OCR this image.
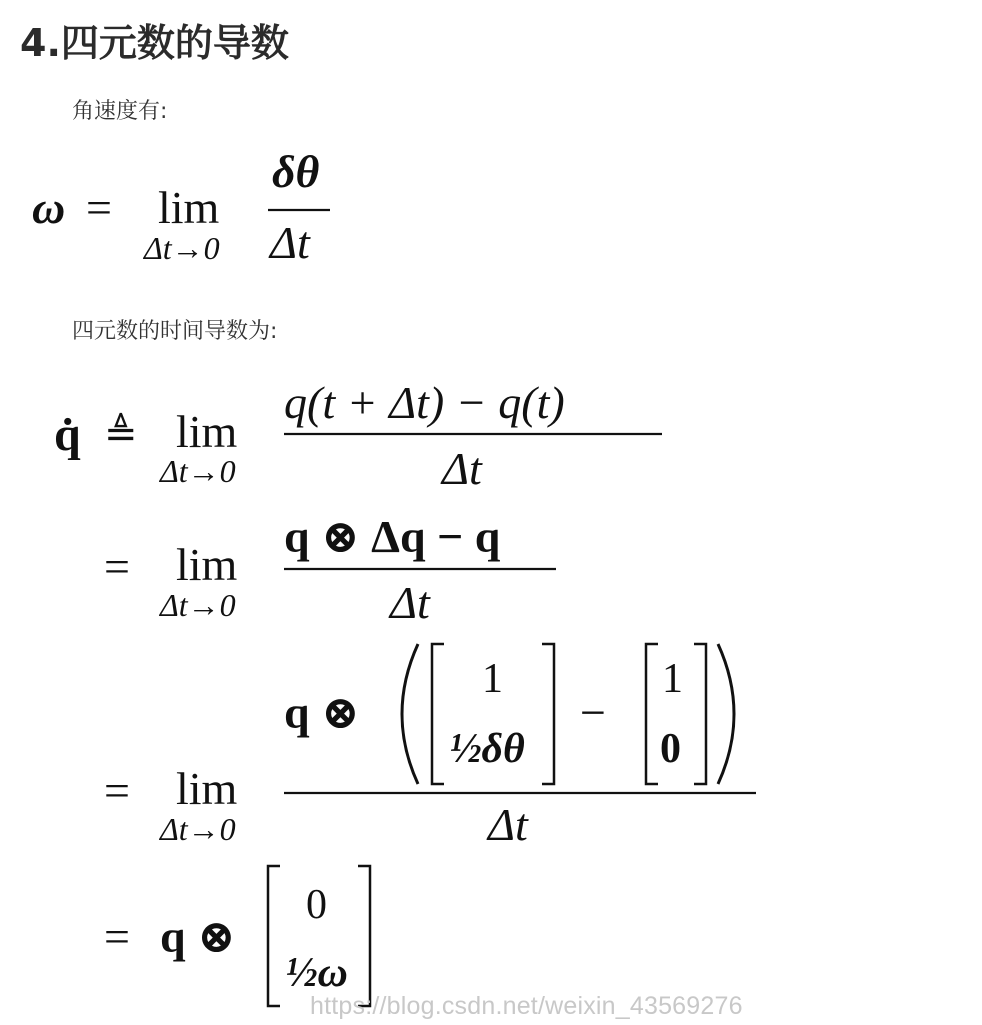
4.四元数的导数
角速度有:
四元数的时间导数为:
ω = lim
Δt→0
δθ
Δt
q̇ ≜ lim
Δt→0
q(t + Δt) − q(t)
Δt
= lim
Δt→0
q ⊗ Δq − q
Δt
= lim
Δt→0
q ⊗
1
½δθ
−
1
0
Δt
= q ⊗
0
½ω
https://blog.csdn.net/weixin_43569276
